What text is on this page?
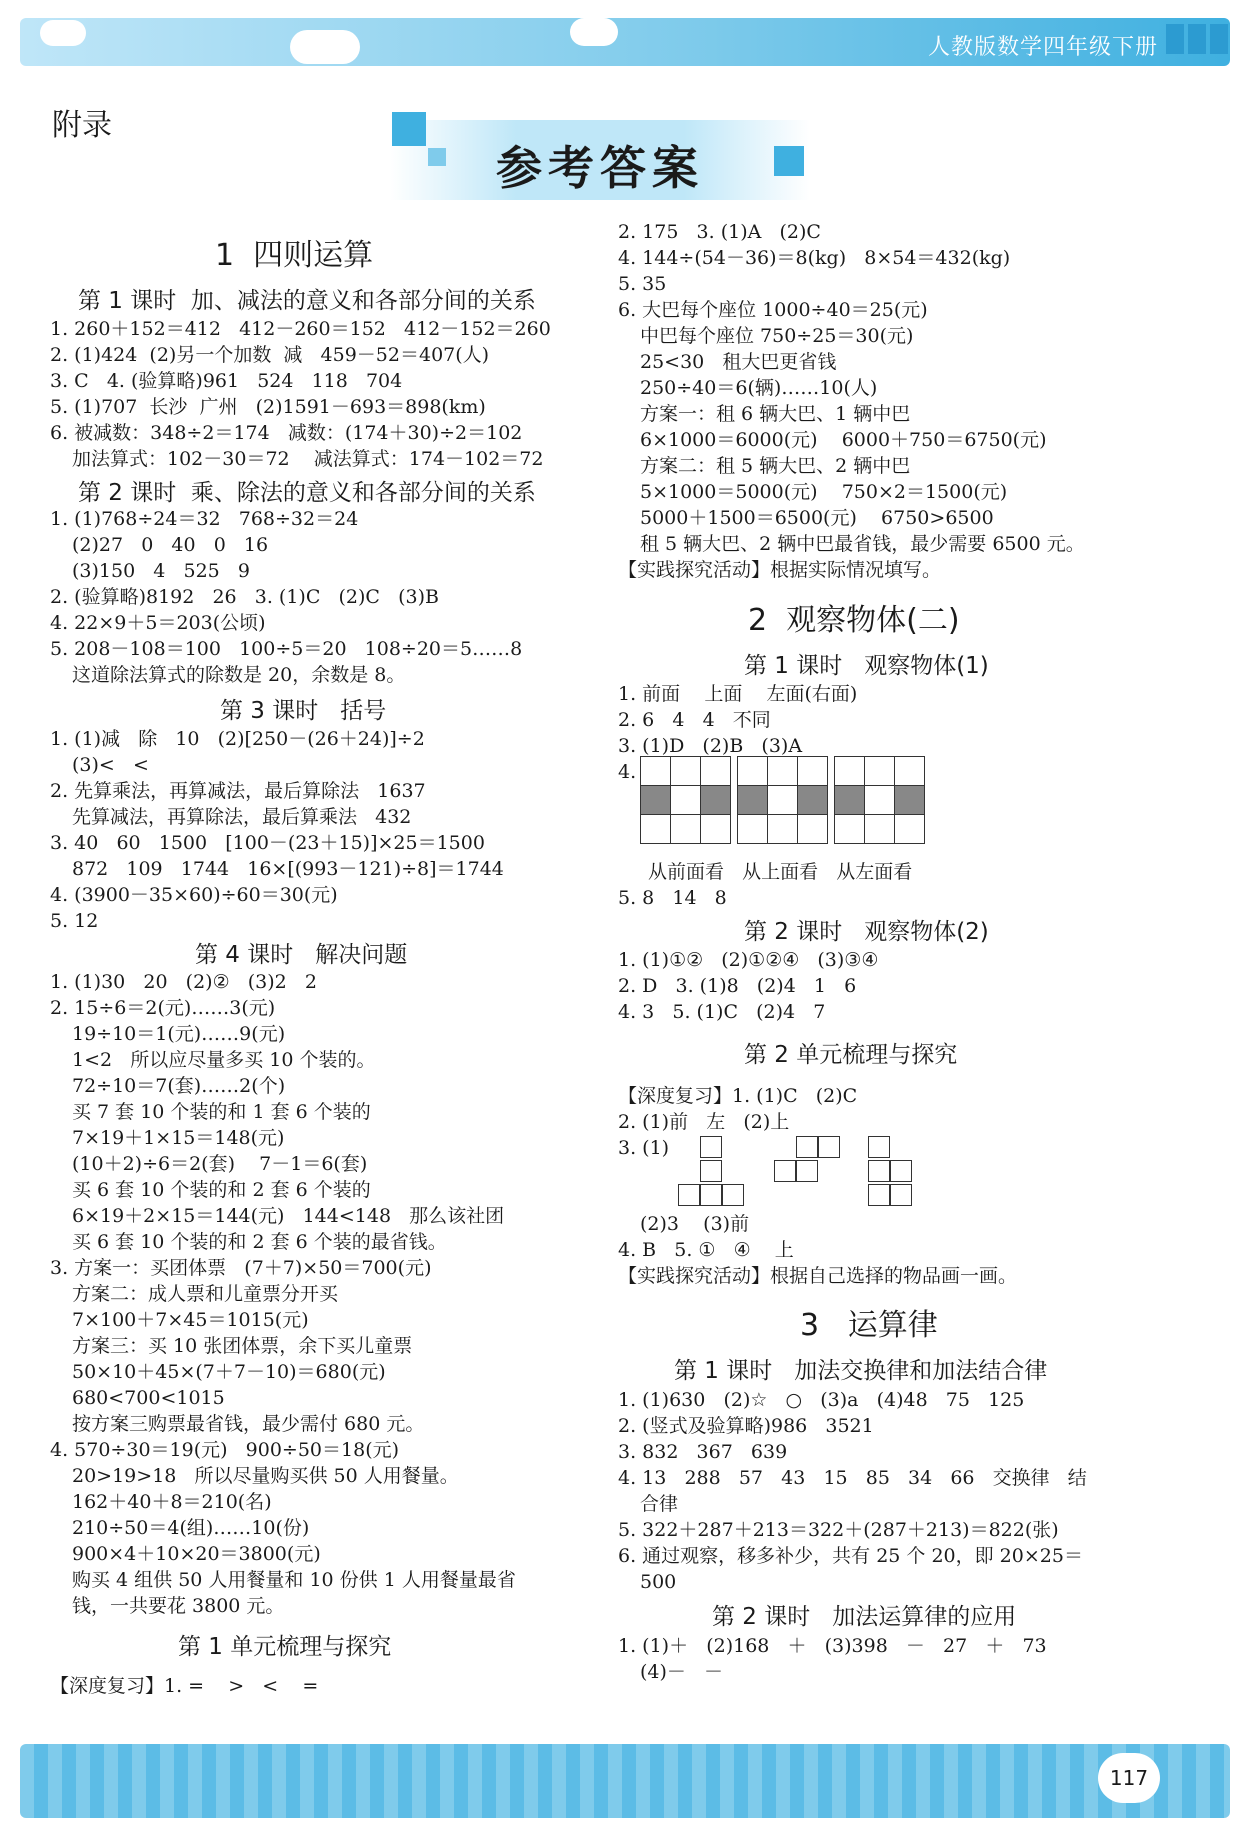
人教版数学四年级下册
附录
参考答案
1  四则运算
第 1 课时  加、减法的意义和各部分间的关系
1. 260＋152＝412   412－260＝152   412－152＝260
2. (1)424  (2)另一个加数  减   459－52＝407(人)
3. C   4. (验算略)961   524   118   704
5. (1)707  长沙  广州   (2)1591－693＝898(km)
6. 被减数：348÷2＝174   减数：(174＋30)÷2＝102
加法算式：102－30＝72    减法算式：174－102＝72
第 2 课时  乘、除法的意义和各部分间的关系
1. (1)768÷24＝32   768÷32＝24
(2)27   0   40   0   16
(3)150   4   525   9
2. (验算略)8192   26   3. (1)C   (2)C   (3)B
4. 22×9＋5＝203(公顷)
5. 208－108＝100   100÷5＝20   108÷20＝5……8
这道除法算式的除数是 20，余数是 8。
第 3 课时   括号
1. (1)减   除   10   (2)[250－(26＋24)]÷2
(3)<   <
2. 先算乘法，再算减法，最后算除法   1637
先算减法，再算除法，最后算乘法   432
3. 40   60   1500   [100－(23＋15)]×25＝1500
872   109   1744   16×[(993－121)÷8]＝1744
4. (3900－35×60)÷60＝30(元)
5. 12
第 4 课时   解决问题
1. (1)30   20   (2)②   (3)2   2
2. 15÷6＝2(元)……3(元)
19÷10＝1(元)……9(元)
1<2   所以应尽量多买 10 个装的。
72÷10＝7(套)……2(个)
买 7 套 10 个装的和 1 套 6 个装的
7×19＋1×15＝148(元)
(10＋2)÷6＝2(套)    7－1＝6(套)
买 6 套 10 个装的和 2 套 6 个装的
6×19＋2×15＝144(元)   144<148   那么该社团
买 6 套 10 个装的和 2 套 6 个装的最省钱。
3. 方案一：买团体票   (7＋7)×50＝700(元)
方案二：成人票和儿童票分开买
7×100＋7×45＝1015(元)
方案三：买 10 张团体票，余下买儿童票
50×10＋45×(7＋7－10)＝680(元)
680<700<1015
按方案三购票最省钱，最少需付 680 元。
4. 570÷30＝19(元)   900÷50＝18(元)
20>19>18   所以尽量购买供 50 人用餐量。
162＋40＋8＝210(名)
210÷50＝4(组)……10(份)
900×4＋10×20＝3800(元)
购买 4 组供 50 人用餐量和 10 份供 1 人用餐量最省
钱，一共要花 3800 元。
第 1 单元梳理与探究
【深度复习】1. =    >   <    =
2. 175   3. (1)A   (2)C
4. 144÷(54－36)＝8(kg)   8×54＝432(kg)
5. 35
6. 大巴每个座位 1000÷40＝25(元)
中巴每个座位 750÷25＝30(元)
25<30   租大巴更省钱
250÷40＝6(辆)……10(人)
方案一：租 6 辆大巴、1 辆中巴
6×1000＝6000(元)    6000＋750＝6750(元)
方案二：租 5 辆大巴、2 辆中巴
5×1000＝5000(元)    750×2＝1500(元)
5000＋1500＝6500(元)    6750>6500
租 5 辆大巴、2 辆中巴最省钱，最少需要 6500 元。
【实践探究活动】根据实际情况填写。
2  观察物体(二)
第 1 课时   观察物体(1)
1. 前面    上面    左面(右面)
2. 6   4   4   不同
3. (1)D   (2)B   (3)A
4.
从前面看   从上面看   从左面看
5. 8   14   8
第 2 课时   观察物体(2)
1. (1)①②   (2)①②④   (3)③④
2. D   3. (1)8   (2)4   1   6
4. 3   5. (1)C   (2)4   7
第 2 单元梳理与探究
【深度复习】1. (1)C   (2)C
2. (1)前   左   (2)上
3. (1)
(2)3    (3)前
4. B   5. ①   ④    上
【实践探究活动】根据自己选择的物品画一画。
3   运算律
第 1 课时   加法交换律和加法结合律
1. (1)630   (2)☆   ○   (3)a   (4)48   75   125
2. (竖式及验算略)986   3521
3. 832   367   639
4. 13   288   57   43   15   85   34   66   交换律   结
合律
5. 322＋287＋213＝322＋(287＋213)＝822(张)
6. 通过观察，移多补少，共有 25 个 20，即 20×25＝
500
第 2 课时   加法运算律的应用
1. (1)＋   (2)168   ＋   (3)398   －   27   ＋   73
(4)－   －

117
